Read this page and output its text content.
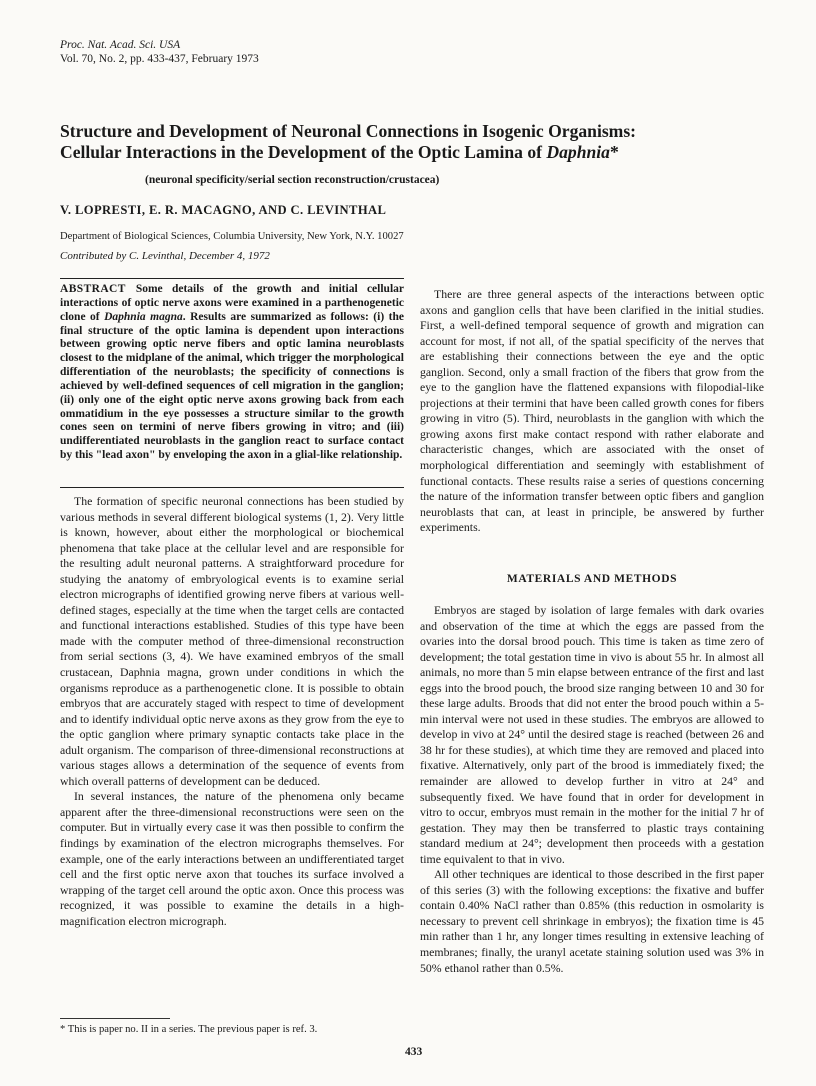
Proc. Nat. Acad. Sci. USA
Vol. 70, No. 2, pp. 433-437, February 1973
Structure and Development of Neuronal Connections in Isogenic Organisms:
Cellular Interactions in the Development of the Optic Lamina of Daphnia*
(neuronal specificity/serial section reconstruction/crustacea)
V. LOPRESTI, E. R. MACAGNO, AND C. LEVINTHAL
Department of Biological Sciences, Columbia University, New York, N.Y. 10027
Contributed by C. Levinthal, December 4, 1972

ABSTRACT Some details of the growth and initial cellular interactions of optic nerve axons were examined in a parthenogenetic clone of Daphnia magna. Results are summarized as follows: (i) the final structure of the optic lamina is dependent upon interactions between growing optic nerve fibers and optic lamina neuroblasts closest to the midplane of the animal, which trigger the morphological differentiation of the neuroblasts; the specificity of connections is achieved by well-defined sequences of cell migration in the ganglion; (ii) only one of the eight optic nerve axons growing back from each ommatidium in the eye possesses a structure similar to the growth cones seen on termini of nerve fibers growing in vitro; and (iii) undifferentiated neuroblasts in the ganglion react to surface contact by this "lead axon" by enveloping the axon in a glial-like relationship.

The formation of specific neuronal connections has been studied by various methods in several different biological systems (1, 2). Very little is known, however, about either the morphological or biochemical phenomena that take place at the cellular level and are responsible for the resulting adult neuronal patterns. A straightforward procedure for studying the anatomy of embryological events is to examine serial electron micrographs of identified growing nerve fibers at various well-defined stages, especially at the time when the target cells are contacted and functional interactions established. Studies of this type have been made with the computer method of three-dimensional reconstruction from serial sections (3, 4). We have examined embryos of the small crustacean, Daphnia magna, grown under conditions in which the organisms reproduce as a parthenogenetic clone. It is possible to obtain embryos that are accurately staged with respect to time of development and to identify individual optic nerve axons as they grow from the eye to the optic ganglion where primary synaptic contacts take place in the adult organism. The comparison of three-dimensional reconstructions at various stages allows a determination of the sequence of events from which overall patterns of development can be deduced.

In several instances, the nature of the phenomena only became apparent after the three-dimensional reconstructions were seen on the computer. But in virtually every case it was then possible to confirm the findings by examination of the electron micrographs themselves. For example, one of the early interactions between an undifferentiated target cell and the first optic nerve axon that touches its surface involved a wrapping of the target cell around the optic axon. Once this process was recognized, it was possible to examine the details in a high-magnification electron micrograph.

There are three general aspects of the interactions between optic axons and ganglion cells that have been clarified in the initial studies. First, a well-defined temporal sequence of growth and migration can account for most, if not all, of the spatial specificity of the nerves that are establishing their connections between the eye and the optic ganglion. Second, only a small fraction of the fibers that grow from the eye to the ganglion have the flattened expansions with filopodial-like projections at their termini that have been called growth cones for fibers growing in vitro (5). Third, neuroblasts in the ganglion with which the growing axons first make contact respond with rather elaborate and characteristic changes, which are associated with the onset of morphological differentiation and seemingly with establishment of functional contacts. These results raise a series of questions concerning the nature of the information transfer between optic fibers and ganglion neuroblasts that can, at least in principle, be answered by further experiments.

MATERIALS AND METHODS

Embryos are staged by isolation of large females with dark ovaries and observation of the time at which the eggs are passed from the ovaries into the dorsal brood pouch. This time is taken as time zero of development; the total gestation time in vivo is about 55 hr. In almost all animals, no more than 5 min elapse between entrance of the first and last eggs into the brood pouch, the brood size ranging between 10 and 30 for these large adults. Broods that did not enter the brood pouch within a 5-min interval were not used in these studies. The embryos are allowed to develop in vivo at 24° until the desired stage is reached (between 26 and 38 hr for these studies), at which time they are removed and placed into fixative. Alternatively, only part of the brood is immediately fixed; the remainder are allowed to develop further in vitro at 24° and subsequently fixed. We have found that in order for development in vitro to occur, embryos must remain in the mother for the initial 7 hr of gestation. They may then be transferred to plastic trays containing standard medium at 24°; development then proceeds with a gestation time equivalent to that in vivo.

All other techniques are identical to those described in the first paper of this series (3) with the following exceptions: the fixative and buffer contain 0.40% NaCl rather than 0.85% (this reduction in osmolarity is necessary to prevent cell shrinkage in embryos); the fixation time is 45 min rather than 1 hr, any longer times resulting in extensive leaching of membranes; finally, the uranyl acetate staining solution used was 3% in 50% ethanol rather than 0.5%.

* This is paper no. II in a series. The previous paper is ref. 3.
433
